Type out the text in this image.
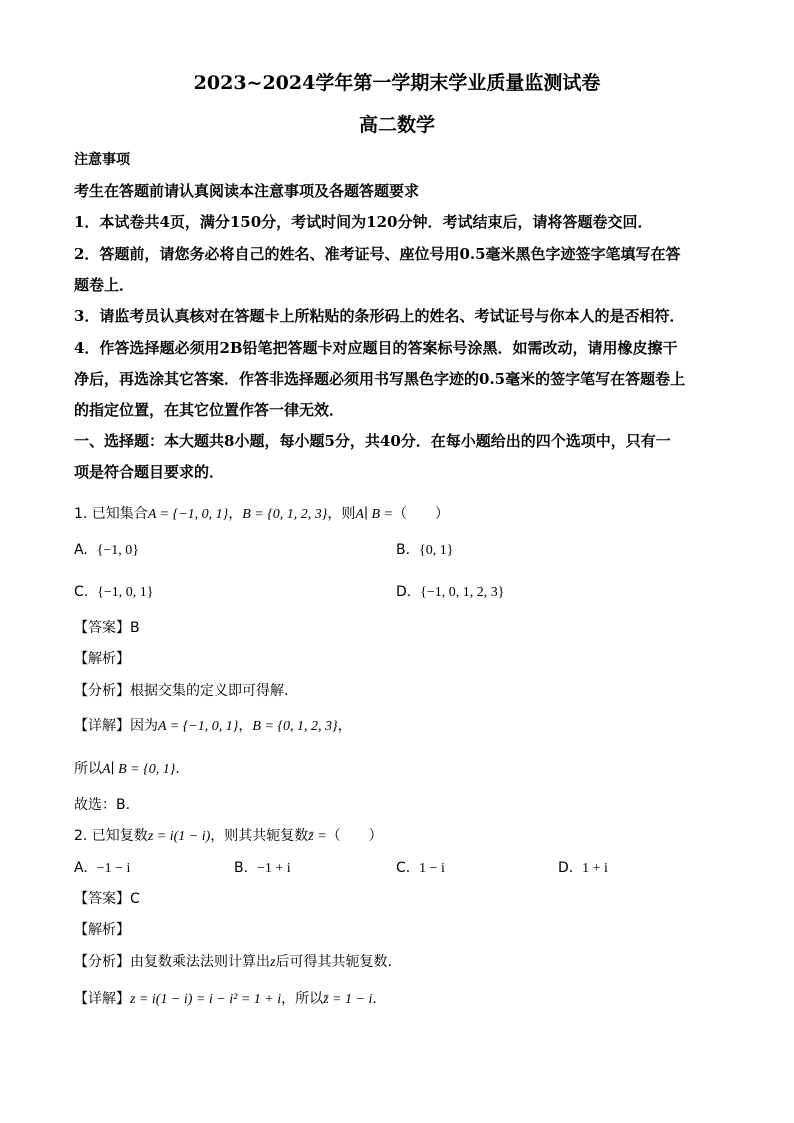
2023~2024学年第一学期末学业质量监测试卷
高二数学
注意事项
考生在答题前请认真阅读本注意事项及各题答题要求
1．本试卷共4页，满分150分，考试时间为120分钟．考试结束后，请将答题卷交回．
2．答题前，请您务必将自己的姓名、准考证号、座位号用0.5毫米黑色字迹签字笔填写在答
题卷上．
3．请监考员认真核对在答题卡上所粘贴的条形码上的姓名、考试证号与你本人的是否相符．
4．作答选择题必须用2B铅笔把答题卡对应题目的答案标号涂黑．如需改动，请用橡皮擦干
净后，再选涂其它答案．作答非选择题必须用书写黑色字迹的0.5毫米的签字笔写在答题卷上
的指定位置，在其它位置作答一律无效．
一、选择题：本大题共8小题，每小题5分，共40分．在每小题给出的四个选项中，只有一
项是符合题目要求的．
1. 已知集合A = {−1, 0, 1}，B = {0, 1, 2, 3}，则A∣ B =（　　）
A. {−1, 0}	B. {0, 1}
C. {−1, 0, 1}	D. {−1, 0, 1, 2, 3}
【答案】B
【解析】
【分析】根据交集的定义即可得解.
【详解】因为A = {−1, 0, 1}，B = {0, 1, 2, 3}，
所以A∣ B = {0, 1}.
故选：B.
2. 已知复数z = i(1 − i)，则其共轭复数z̄ =（　　）
A. −1 − i	B. −1 + i	C. 1 − i	D. 1 + i
【答案】C
【解析】
【分析】由复数乘法法则计算出z后可得其共轭复数.
【详解】z = i(1 − i) = i − i² = 1 + i，所以z̄ = 1 − i.
